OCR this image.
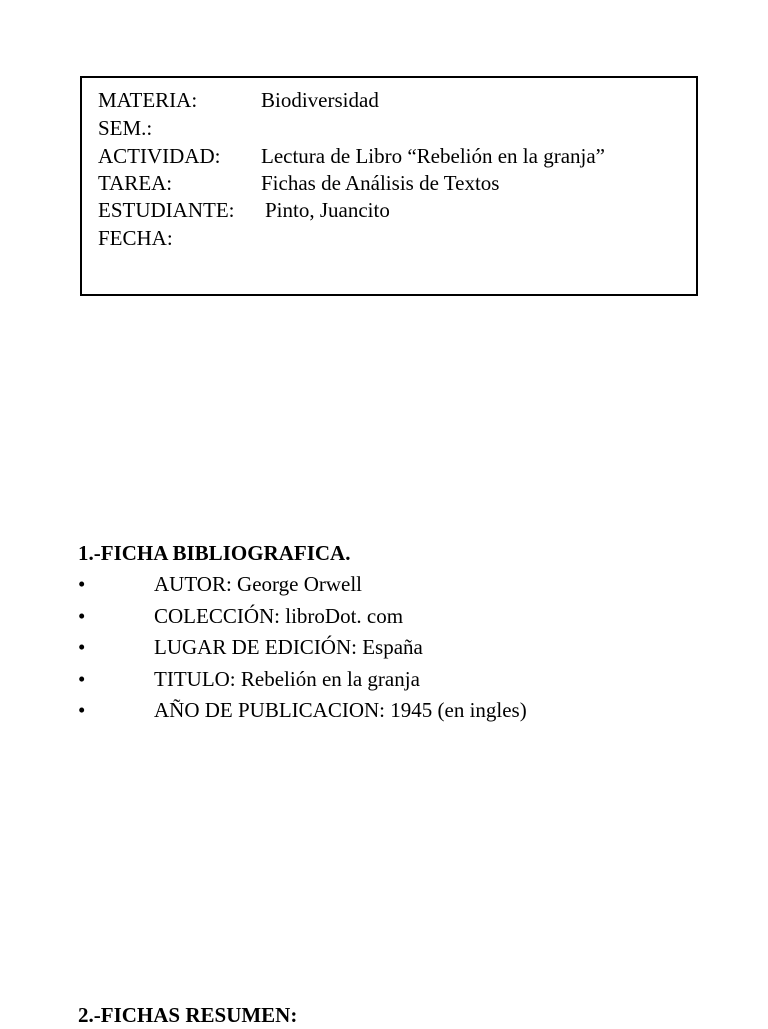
MATERIA:	Biodiversidad
SEM.:
ACTIVIDAD: Lectura de Libro “Rebelión en la granja”
TAREA:	Fichas de Análisis de Textos
ESTUDIANTE: Pinto, Juancito
FECHA:
1.-FICHA BIBLIOGRAFICA.
•	AUTOR: George Orwell
•	COLECCIÓN: libroDot. com
•	LUGAR DE EDICIÓN: España
•	TITULO: Rebelión en la granja
•	AÑO DE PUBLICACION: 1945 (en ingles)
2.-FICHAS RESUMEN:
